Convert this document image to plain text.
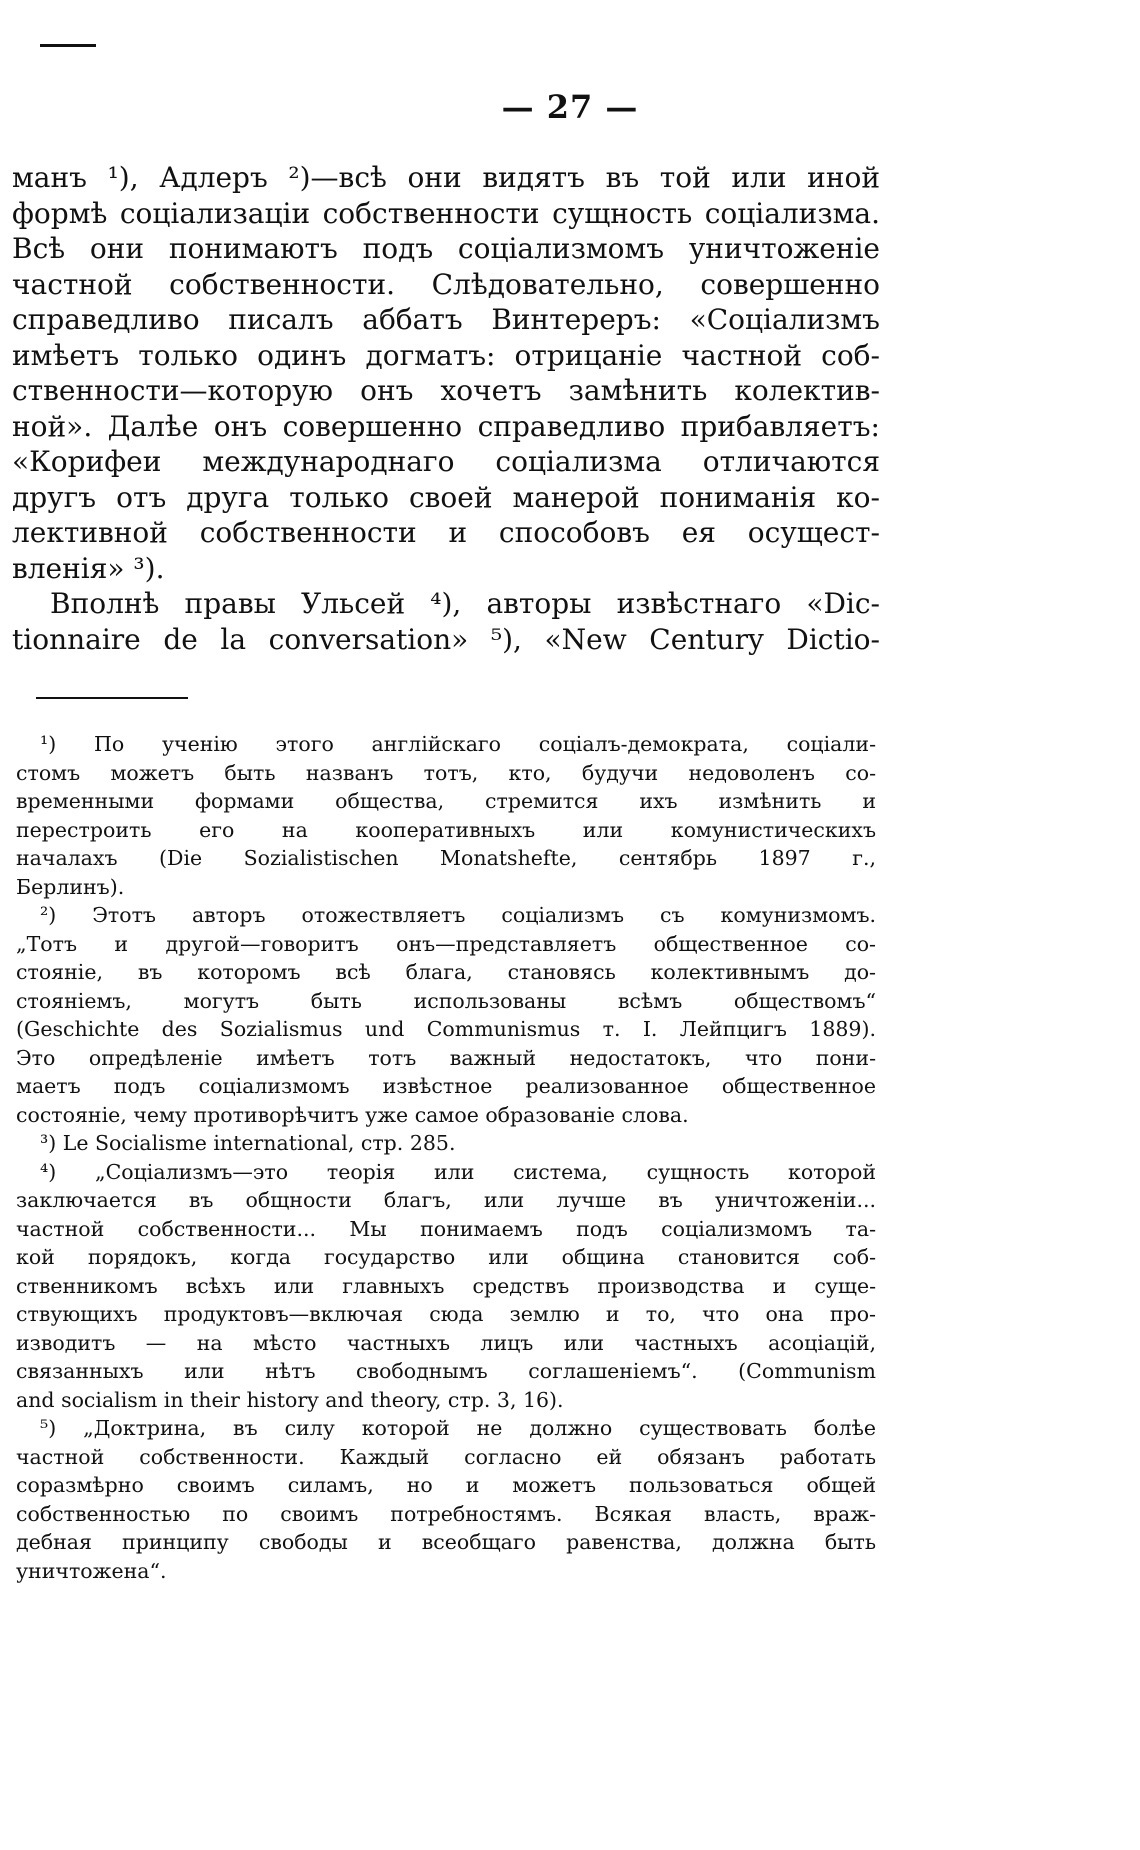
— 27 —
манъ ¹), Адлеръ ²)—всѣ они видятъ въ той или иной
формѣ соціализаціи собственности сущность соціализма.
Всѣ они понимаютъ подъ соціализмомъ уничтоженіе
частной собственности. Слѣдовательно, совершенно
справедливо писалъ аббатъ Винтереръ: «Соціализмъ
имѣетъ только одинъ догматъ: отрицаніе частной соб-
ственности—которую онъ хочетъ замѣнить колектив-
ной». Далѣе онъ совершенно справедливо прибавляетъ:
«Корифеи международнаго соціализма отличаются
другъ отъ друга только своей манерой пониманія ко-
лективной собственности и способовъ ея осущест-
вленія» ³).
Вполнѣ правы Ульсей ⁴), авторы извѣстнаго «Dic-
tionnaire de la conversation» ⁵), «New Century Dictio-
¹) По ученію этого англійскаго соціалъ-демократа, соціали-
стомъ можетъ быть названъ тотъ, кто, будучи недоволенъ со-
временными формами общества, стремится ихъ измѣнить и
перестроить его на кооперативныхъ или комунистическихъ
началахъ (Die Sozialistischen Monatshefte, сентябрь 1897 г.,
Берлинъ).
²) Этотъ авторъ отожествляетъ соціализмъ съ комунизмомъ.
„Тотъ и другой—говоритъ онъ—представляетъ общественное со-
стояніе, въ которомъ всѣ блага, становясь колективнымъ до-
стояніемъ, могутъ быть использованы всѣмъ обществомъ“
(Geschichte des Sozialismus und Communismus т. I. Лейпцигъ 1889).
Это опредѣленіе имѣетъ тотъ важный недостатокъ, что пони-
маетъ подъ соціализмомъ извѣстное реализованное общественное
состояніе, чему противорѣчитъ уже самое образованіе слова.
³) Le Socialisme international, стр. 285.
⁴) „Соціализмъ—это теорія или система, сущность которой
заключается въ общности благъ, или лучше въ уничтоженіи...
частной собственности... Мы понимаемъ подъ соціализмомъ та-
кой порядокъ, когда государство или община становится соб-
ственникомъ всѣхъ или главныхъ средствъ производства и суще-
ствующихъ продуктовъ—включая сюда землю и то, что она про-
изводитъ — на мѣсто частныхъ лицъ или частныхъ асоціацій,
связанныхъ или нѣтъ свободнымъ соглашеніемъ“. (Communism
and socialism in their history and theory, стр. 3, 16).
⁵) „Доктрина, въ силу которой не должно существовать болѣе
частной собственности. Каждый согласно ей обязанъ работать
соразмѣрно своимъ силамъ, но и можетъ пользоваться общей
собственностью по своимъ потребностямъ. Всякая власть, враж-
дебная принципу свободы и всеобщаго равенства, должна быть
уничтожена“.
